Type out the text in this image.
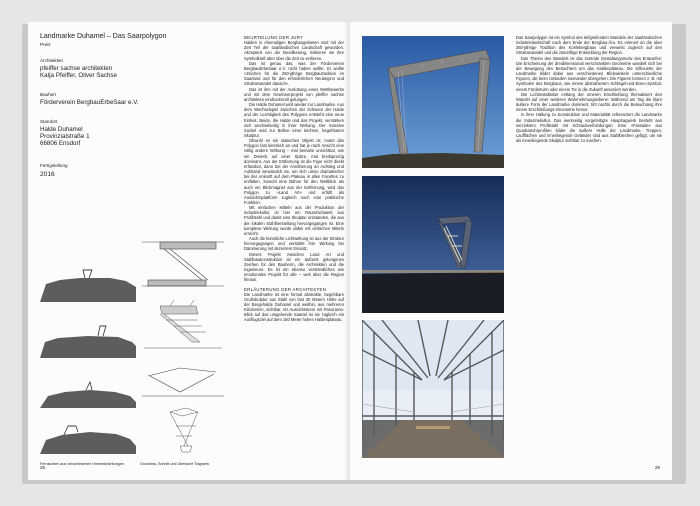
Landmarke Duhamel – Das Saarpolygon

Preis

Architekten

pfeiffer sachse architekten
Katja Pfeiffer, Oliver Sachse

Bauherr

Förderverein BergbauErbeSaar e.V.

Standort

Halde Duhamel
Provinzialstraße 1
66806 Ensdorf

Fertigstellung

2016

Fernsichten aus verschiedenen Himmelsrichtungen	Grundriss, Schnitt und Übersicht Tragwerk

BEURTEILUNG DER JURY

Halden in ehemaligen Bergbaugebieten sind mit der Zeit Teil der saarländischen Landschaft geworden. Akzeptiert von der Bevölkerung, risikieren sie ihre Symbolkraft aber über die Zeit zu verlieren.

Das ist genau das, was der Förderverein BergbauErbeSaar e.V. nicht haben wollte. Er wollte »Zeichen für die 250-jährige Bergbautradition im Saarland und für den erforderlichen Neubeginn und Strukturwandel danach«.

Das ist ihm mit der Auslobung eines Wettbewerbs und mit dem Gewinnerprojekt von pfeiffer sachse architekten eindrucksvoll gelungen.

Die Halde Duhamel wird wieder zur Landmarke. Aus dem Wechselspiel zwischen der Schwere der Halde und der Leichtigkeit des Polygons entsteht eine neue Einheit. Beide, die Halde und das Projekt, verstärken sich wechselseitig in ihrer Wirkung. Der massive Sockel wird zur Bühne einer leichten, begehbaren Skulptur.

Obwohl es ein statisches Objekt ist, mutet das Polygon fast kinetisch an und hat je nach Ansicht eine völlig andere Wirkung – mal beinahe unsichtbar, wie ein Dreieck auf einer Spitze, mal breitspreizig dominant. Aus der Entfernung ist die Figur nicht direkt erfassbar, dann bei der Annäherung an Aufstieg und Aufstand verwandelt sie, um sich umso dramatischer bei der Ankunft auf dem Plateau in allen Facetten zu entfalten. Sowohl eine Bühne für den Weltblick als auch ein Blickmagnet aus der Entfernung, wird das Polygon zu »Land Art« und erfüllt als Aussichtsplattform zugleich noch eine praktische Funktion.

Mit einfachen Mitteln aus der Produktion der Industriekultur ist hier ein Raumfachwerk aus Profilstahl und damit eine Skulptur entstanden, die aus der lokalen Stahlherstellung hervorgegangen ist. Eine komplexe Wirkung wurde dabei mit einfachen Mitteln erreicht.

Auch die künstliche Lichtwirkung ist aus der Struktur hervorgegangen und verstärkt ihre Wirkung bei Dämmerung mit dezentem Einsatz.

Dieses Projekt zwischen Land Art und Stahlbaukonstruktion ist ein äußerst gelungenes Zeichen für den Bauherrn, die Architekten und die Ingenieure. Es ist ein ebenso verständliches wie emotionales Projekt für alle – weit über die Region hinaus.

ERLÄUTERUNG DER ARCHITEKTEN

Die Landmarke ist eine formal abstrakte, begehbare Großskulptur aus Stahl von fast 30 Metern Höhe auf der Bergehalde Duhamel und weithin, aus mehreren Kilometern, sichtbar. Als Aussichtsturm mit Panorama-Blick auf das umgebende Saartal ist sie zugleich ein Ausflugsziel auf dem 150 Meter hohen Haldenplateau.

26

Das Saarpolygon ist ein Symbol des tiefgreifenden Wandels der saarländischen Industrielandschaft nach dem Ende der Bergbau-Ära. Es erinnert an die über 250-jährige Tradition des Kohlebergbaus und verweist zugleich auf den Strukturwandel und die zukünftige Entwicklung der Region.

Das Thema des Wandels ist das zentrale Gestaltungsmotiv des Entwurfes: Die Erscheinung der dreidimensional verschränkten Geometrie wandelt sich bei der Bewegung des Betrachters um das Haldenplateau. Die Silhouette der Landmarke bildet dabei aus verschiedenen Blickwinkeln unterschiedliche Figuren, die beim Umlaufen ineinander übergehen. Die Figuren können z. B. mit Symbolen des Bergbaus, wie einem abstrahierten Schlägel-und-Eisen-Symbol, einem Förderturm oder einem Tor in die Zukunft assoziiert werden.

Die Lichtinstallation entlang der inneren Erschließung thematisiert den Wandel auf einer weiteren Wahrnehmungsebene: Während am Tag die klare äußere Form der Landmarke dominiert, tritt nachts durch die Beleuchtung ihre innere Erschließungs-Geometrie hervor.

In ihrer Haltung zu Konstruktion und Materialität referenziert die Landmarke die Industriekultur. Das werkseitig vorgefertigte Hauptragwerk besteht aus verzinktem Profilstahl mit Schraubverbindungen. Eine »Fassade« aus Quadratrohrprofilen bildet die äußere Hülle der Landmarke. Treppen, Laufflächen und innenliegende Geländer sind aus Stahlblechen gefügt, um sie als innenliegende Skulptur sichtbar zu machen.

29
